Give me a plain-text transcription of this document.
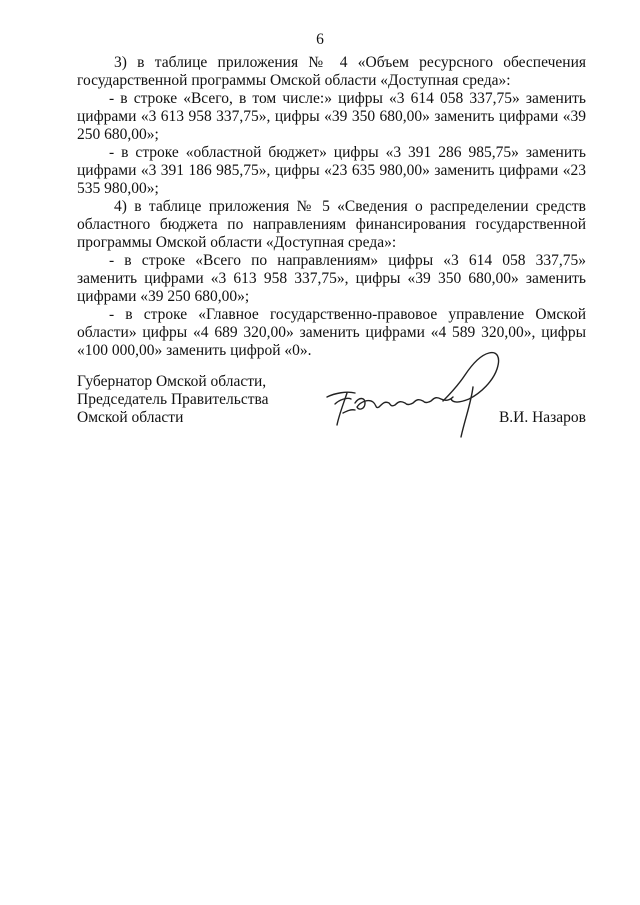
6

3) в таблице приложения № 4 «Объем ресурсного обеспечения государственной программы Омской области «Доступная среда»:

- в строке «Всего, в том числе:» цифры «3 614 058 337,75» заменить цифрами «3 613 958 337,75», цифры «39 350 680,00» заменить цифрами «39 250 680,00»;

- в строке «областной бюджет» цифры «3 391 286 985,75» заменить цифрами «3 391 186 985,75», цифры «23 635 980,00» заменить цифрами «23 535 980,00»;

4) в таблице приложения № 5 «Сведения о распределении средств областного бюджета по направлениям финансирования государственной программы Омской области «Доступная среда»:

- в строке «Всего по направлениям» цифры «3 614 058 337,75» заменить цифрами «3 613 958 337,75», цифры «39 350 680,00» заменить цифрами «39 250 680,00»;

- в строке «Главное государственно-правовое управление Омской области» цифры «4 689 320,00» заменить цифрами «4 589 320,00», цифры «100 000,00» заменить цифрой «0».

Губернатор Омской области,
Председатель Правительства
Омской области	В.И. Назаров
